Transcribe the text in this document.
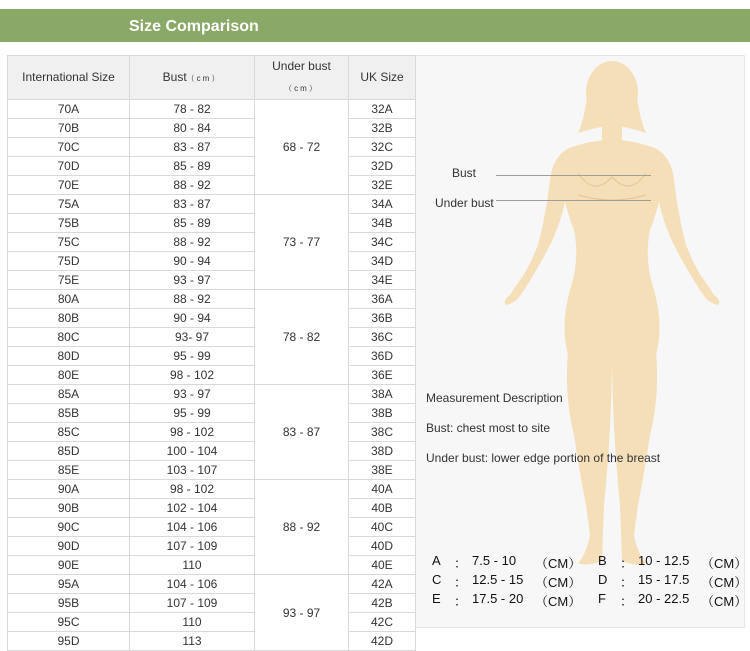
Size Comparison
International Size	Bust（cm）	Under bust（cm）	UK Size
70A	78 - 82	68 - 72	32A
70B	80 - 84		32B
70C	83 - 87		32C
70D	85 - 89		32D
70E	88 - 92		32E
75A	83 - 87	73 - 77	34A
75B	85 - 89		34B
75C	88 - 92		34C
75D	90 - 94		34D
75E	93 - 97		34E
80A	88 - 92	78 - 82	36A
80B	90 - 94		36B
80C	93- 97		36C
80D	95 - 99		36D
80E	98 - 102		36E
85A	93 - 97	83 - 87	38A
85B	95 - 99		38B
85C	98 - 102		38C
85D	100 - 104		38D
85E	103 - 107		38E
90A	98 - 102	88 - 92	40A
90B	102 - 104		40B
90C	104 - 106		40C
90D	107 - 109		40D
90E	110		40E
95A	104 - 106	93 - 97	42A
95B	107 - 109		42B
95C	110		42C
95D	113		42D
Bust
Under bust
Measurement Description
Bust: chest most to site
Under bust: lower edge portion of the breast
A ： 7.5 - 10 （CM）
C ： 12.5 - 15 （CM）
E ： 17.5 - 20 （CM）
B ： 10 - 12.5 （CM）
D ： 15 - 17.5 （CM）
F ： 20 - 22.5 （CM）
